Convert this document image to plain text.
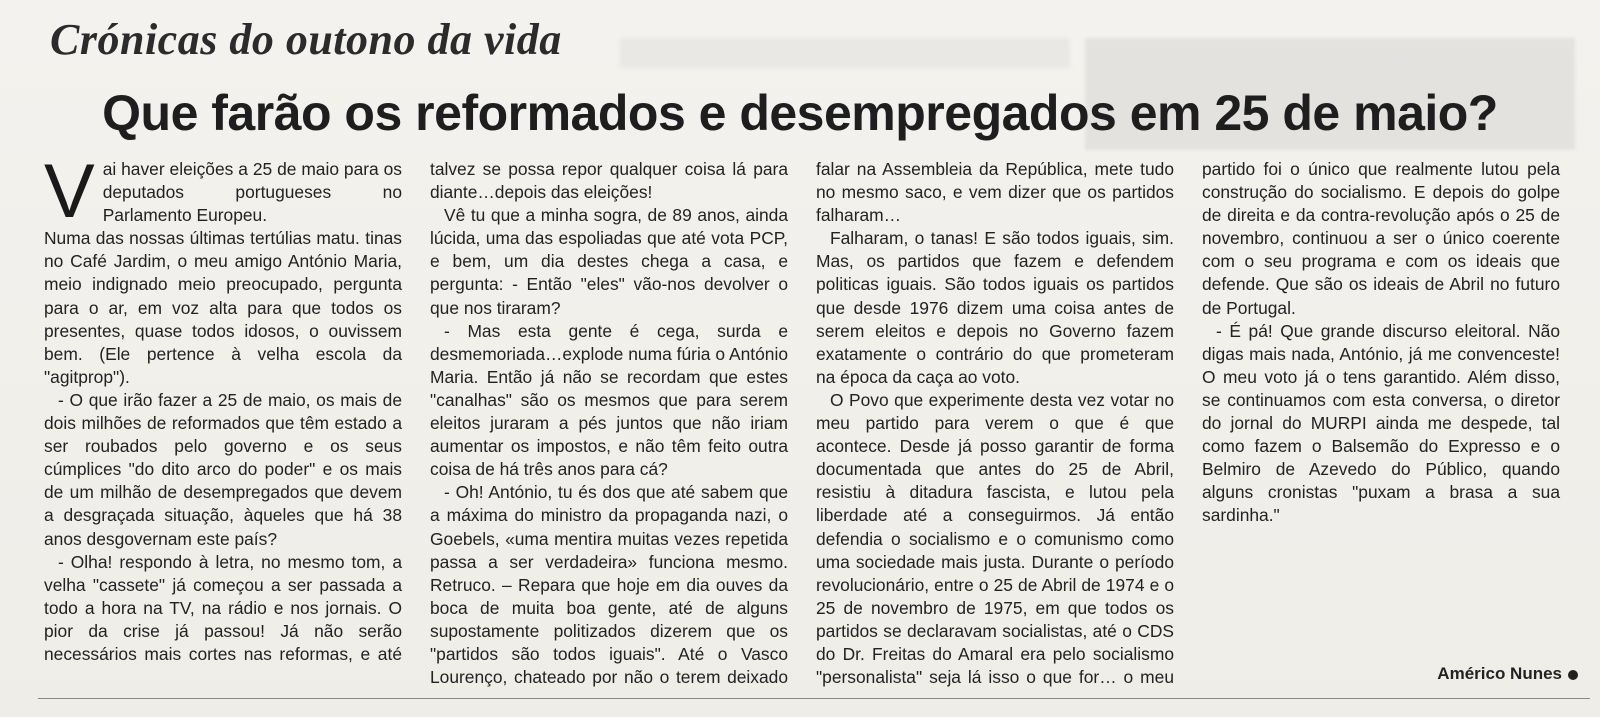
Crónicas do outono da vida
Que farão os reformados e desempregados em 25 de maio?

Vai haver eleições a 25 de maio para os deputados portugueses no Parlamento Europeu.

Numa das nossas últimas tertúlias matu. tinas no Café Jardim, o meu amigo António Maria, meio indignado meio preocupado, pergunta para o ar, em voz alta para que todos os presentes, quase todos idosos, o ouvissem bem. (Ele pertence à velha escola da "agitprop").

- O que irão fazer a 25 de maio, os mais de dois milhões de reformados que têm estado a ser roubados pelo governo e os seus cúmplices "do dito arco do poder" e os mais de um milhão de desempregados que devem a desgraçada situação, àqueles que há 38 anos desgovernam este país?

- Olha! respondo à letra, no mesmo tom, a velha "cassete" já começou a ser passada a todo a hora na TV, na rádio e nos jornais. O pior da crise já passou! Já não serão necessários mais cortes nas reformas, e até talvez se possa repor qualquer coisa lá para diante…depois das eleições!

Vê tu que a minha sogra, de 89 anos, ainda lúcida, uma das espoliadas que até vota PCP, e bem, um dia destes chega a casa, e pergunta: - Então "eles" vão-nos devolver o que nos tiraram?

- Mas esta gente é cega, surda e desmemoriada…explode numa fúria o António Maria. Então já não se recordam que estes "canalhas" são os mesmos que para serem eleitos juraram a pés juntos que não iriam aumentar os impostos, e não têm feito outra coisa de há três anos para cá?

- Oh! António, tu és dos que até sabem que a máxima do ministro da propaganda nazi, o Goebels, «uma mentira muitas vezes repetida passa a ser verdadeira» funciona mesmo. Retruco. – Repara que hoje em dia ouves da boca de muita boa gente, até de alguns supostamente politizados dizerem que os "partidos são todos iguais". Até o Vasco Lourenço, chateado por não o terem deixado falar na Assembleia da República, mete tudo no mesmo saco, e vem dizer que os partidos falharam…

Falharam, o tanas! E são todos iguais, sim. Mas, os partidos que fazem e defendem politicas iguais. São todos iguais os partidos que desde 1976 dizem uma coisa antes de serem eleitos e depois no Governo fazem exatamente o contrário do que prometeram na época da caça ao voto.

O Povo que experimente desta vez votar no meu partido para verem o que é que acontece. Desde já posso garantir de forma documentada que antes do 25 de Abril, resistiu à ditadura fascista, e lutou pela liberdade até a conseguirmos. Já então defendia o socialismo e o comunismo como uma sociedade mais justa. Durante o período revolucionário, entre o 25 de Abril de 1974 e o 25 de novembro de 1975, em que todos os partidos se declaravam socialistas, até o CDS do Dr. Freitas do Amaral era pelo socialismo "personalista" seja lá isso o que for… o meu partido foi o único que realmente lutou pela construção do socialismo. E depois do golpe de direita e da contra-revolução após o 25 de novembro, continuou a ser o único coerente com o seu programa e com os ideais que defende. Que são os ideais de Abril no futuro de Portugal.

- É pá! Que grande discurso eleitoral. Não digas mais nada, António, já me convenceste! O meu voto já o tens garantido. Além disso, se continuamos com esta conversa, o diretor do jornal do MURPI ainda me despede, tal como fazem o Balsemão do Expresso e o Belmiro de Azevedo do Público, quando alguns cronistas "puxam a brasa a sua sardinha."

Américo Nunes
